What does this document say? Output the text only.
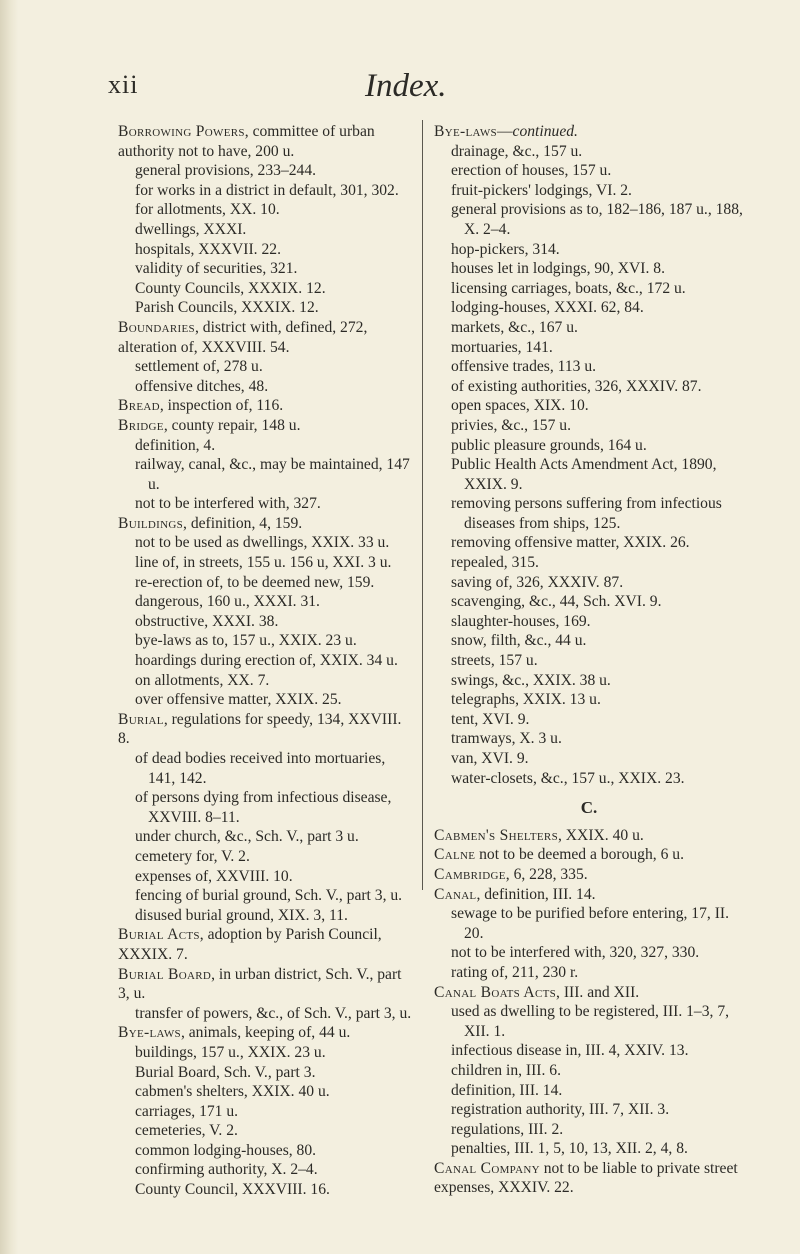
xii	Index.

Borrowing Powers, committee of urban authority not to have, 200 u.

general provisions, 233–244.

for works in a district in default, 301, 302.

for allotments, XX. 10.

dwellings, XXXI.

hospitals, XXXVII. 22.

validity of securities, 321.

County Councils, XXXIX. 12.

Parish Councils, XXXIX. 12.

Boundaries, district with, defined, 272, alteration of, XXXVIII. 54.

settlement of, 278 u.

offensive ditches, 48.

Bread, inspection of, 116.

Bridge, county repair, 148 u.

definition, 4.

railway, canal, &c., may be maintained, 147 u.

not to be interfered with, 327.

Buildings, definition, 4, 159.

not to be used as dwellings, XXIX. 33 u.

line of, in streets, 155 u. 156 u, XXI. 3 u.

re-erection of, to be deemed new, 159.

dangerous, 160 u., XXXI. 31.

obstructive, XXXI. 38.

bye-laws as to, 157 u., XXIX. 23 u.

hoardings during erection of, XXIX. 34 u.

on allotments, XX. 7.

over offensive matter, XXIX. 25.

Burial, regulations for speedy, 134, XXVIII. 8.

of dead bodies received into mortuaries, 141, 142.

of persons dying from infectious disease, XXVIII. 8–11.

under church, &c., Sch. V., part 3 u.

cemetery for, V. 2.

expenses of, XXVIII. 10.

fencing of burial ground, Sch. V., part 3, u.

disused burial ground, XIX. 3, 11.

Burial Acts, adoption by Parish Council, XXXIX. 7.

Burial Board, in urban district, Sch. V., part 3, u.

transfer of powers, &c., of Sch. V., part 3, u.

Bye-laws, animals, keeping of, 44 u.

buildings, 157 u., XXIX. 23 u.

Burial Board, Sch. V., part 3.

cabmen's shelters, XXIX. 40 u.

carriages, 171 u.

cemeteries, V. 2.

common lodging-houses, 80.

confirming authority, X. 2–4.

County Council, XXXVIII. 16.

Bye-laws—continued.

drainage, &c., 157 u.

erection of houses, 157 u.

fruit-pickers' lodgings, VI. 2.

general provisions as to, 182–186, 187 u., 188, X. 2–4.

hop-pickers, 314.

houses let in lodgings, 90, XVI. 8.

licensing carriages, boats, &c., 172 u.

lodging-houses, XXXI. 62, 84.

markets, &c., 167 u.

mortuaries, 141.

offensive trades, 113 u.

of existing authorities, 326, XXXIV. 87.

open spaces, XIX. 10.

privies, &c., 157 u.

public pleasure grounds, 164 u.

Public Health Acts Amendment Act, 1890, XXIX. 9.

removing persons suffering from infectious diseases from ships, 125.

removing offensive matter, XXIX. 26.

repealed, 315.

saving of, 326, XXXIV. 87.

scavenging, &c., 44, Sch. XVI. 9.

slaughter-houses, 169.

snow, filth, &c., 44 u.

streets, 157 u.

swings, &c., XXIX. 38 u.

telegraphs, XXIX. 13 u.

tent, XVI. 9.

tramways, X. 3 u.

van, XVI. 9.

water-closets, &c., 157 u., XXIX. 23.

C.

Cabmen's Shelters, XXIX. 40 u.

Calne not to be deemed a borough, 6 u.

Cambridge, 6, 228, 335.

Canal, definition, III. 14.

sewage to be purified before entering, 17, II. 20.

not to be interfered with, 320, 327, 330.

rating of, 211, 230 r.

Canal Boats Acts, III. and XII.

used as dwelling to be registered, III. 1–3, 7, XII. 1.

infectious disease in, III. 4, XXIV. 13.

children in, III. 6.

definition, III. 14.

registration authority, III. 7, XII. 3.

regulations, III. 2.

penalties, III. 1, 5, 10, 13, XII. 2, 4, 8.

Canal Company not to be liable to private street expenses, XXXIV. 22.
